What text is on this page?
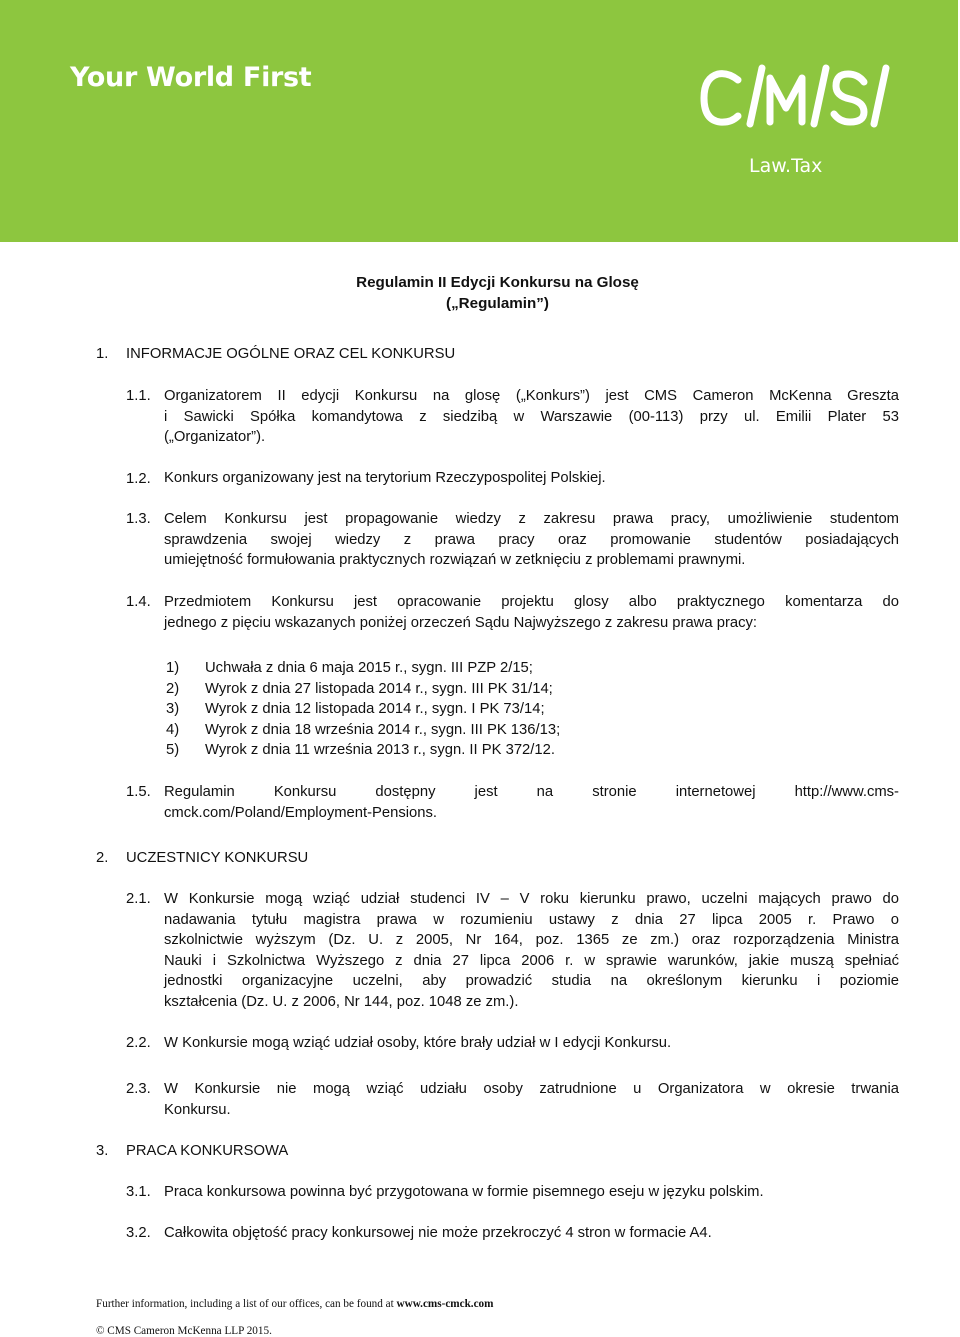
Your World First
Law.Tax
Regulamin II Edycji Konkursu na Glosę
(„Regulamin”)
1. INFORMACJE OGÓLNE ORAZ CEL KONKURSU
1.1. Organizatorem II edycji Konkursu na glosę („Konkurs”) jest CMS Cameron McKenna Greszta
i Sawicki Spółka komandytowa z siedzibą w Warszawie (00-113) przy ul. Emilii Plater 53
(„Organizator”).
1.2. Konkurs organizowany jest na terytorium Rzeczypospolitej Polskiej.
1.3. Celem Konkursu jest propagowanie wiedzy z zakresu prawa pracy, umożliwienie studentom
sprawdzenia swojej wiedzy z prawa pracy oraz promowanie studentów posiadających
umiejętność formułowania praktycznych rozwiązań w zetknięciu z problemami prawnymi.
1.4. Przedmiotem Konkursu jest opracowanie projektu glosy albo praktycznego komentarza do
jednego z pięciu wskazanych poniżej orzeczeń Sądu Najwyższego z zakresu prawa pracy:
1) Uchwała z dnia 6 maja 2015 r., sygn. III PZP 2/15;
2) Wyrok z dnia 27 listopada 2014 r., sygn. III PK 31/14;
3) Wyrok z dnia 12 listopada 2014 r., sygn. I PK 73/14;
4) Wyrok z dnia 18 września 2014 r., sygn. III PK 136/13;
5) Wyrok z dnia 11 września 2013 r., sygn. II PK 372/12.
1.5. Regulamin Konkursu dostępny jest na stronie internetowej http://www.cms-
cmck.com/Poland/Employment-Pensions.
2. UCZESTNICY KONKURSU
2.1. W Konkursie mogą wziąć udział studenci IV – V roku kierunku prawo, uczelni mających prawo do
nadawania tytułu magistra prawa w rozumieniu ustawy z dnia 27 lipca 2005 r. Prawo o
szkolnictwie wyższym (Dz. U. z 2005, Nr 164, poz. 1365 ze zm.) oraz rozporządzenia Ministra
Nauki i Szkolnictwa Wyższego z dnia 27 lipca 2006 r. w sprawie warunków, jakie muszą spełniać
jednostki organizacyjne uczelni, aby prowadzić studia na określonym kierunku i poziomie
kształcenia (Dz. U. z 2006, Nr 144, poz. 1048 ze zm.).
2.2. W Konkursie mogą wziąć udział osoby, które brały udział w I edycji Konkursu.
2.3. W Konkursie nie mogą wziąć udziału osoby zatrudnione u Organizatora w okresie trwania
Konkursu.
3. PRACA KONKURSOWA
3.1. Praca konkursowa powinna być przygotowana w formie pisemnego eseju w języku polskim.
3.2. Całkowita objętość pracy konkursowej nie może przekroczyć 4 stron w formacie A4.
Further information, including a list of our offices, can be found at www.cms-cmck.com
© CMS Cameron McKenna LLP 2015.
